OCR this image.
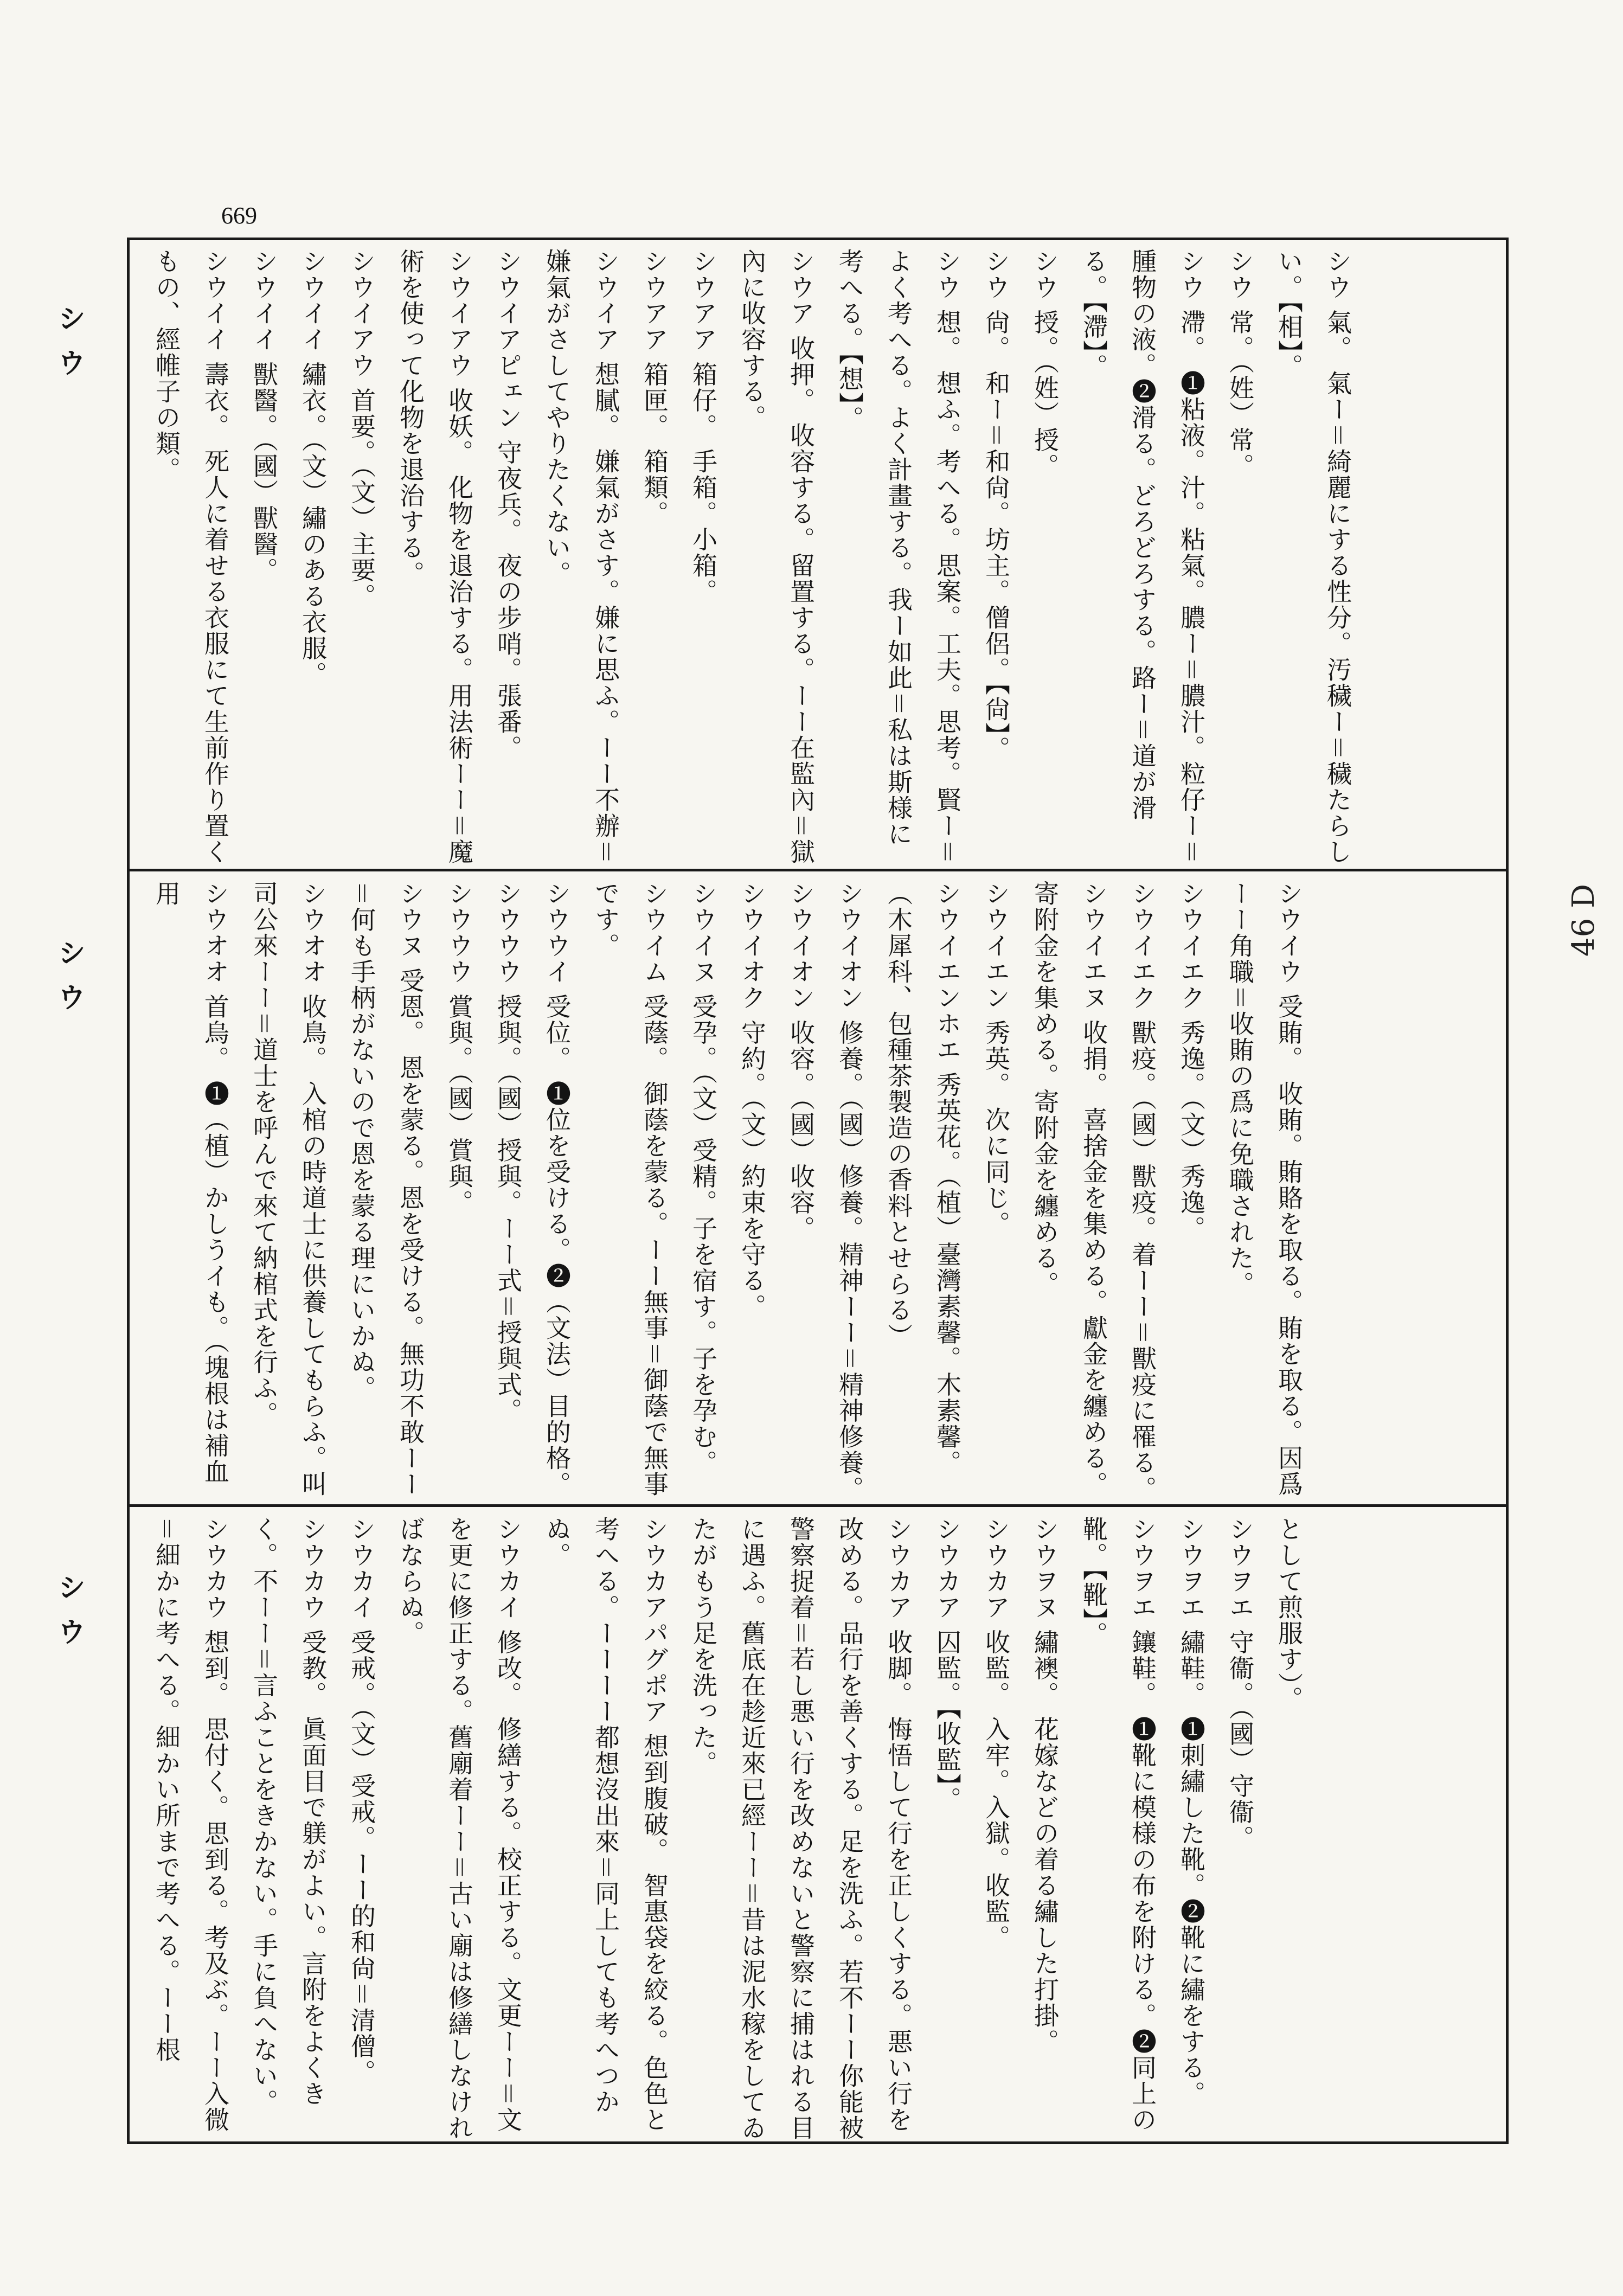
669
46 D
シウ
シウ
シウ

シウ 氣。 氣ー＝綺麗にする性分。汚穢ー＝穢たらしい。【相】。

シウ 常。（姓）常。

シウ 滯。 ❶粘液。汁。粘氣。膿ー＝膿汁。粒仔ー＝腫物の液。❷滑る。どろどろする。路ー＝道が滑る。【滯】。

シウ 授。（姓）授。

シウ 尙。 和ー＝和尙。坊主。僧侶。【尙】。

シウ 想。 想ふ。考へる。思案。工夫。思考。賢ー＝よく考へる。よく計畫する。我ー如此＝私は斯様に考へる。【想】。

シウア 收押。 收容する。留置する。ーー在監內＝獄內に收容する。

シウアア 箱仔。 手箱。小箱。

シウアア 箱匣。 箱類。

シウイア 想膩。 嫌氣がさす。嫌に思ふ。ーー不辦＝嫌氣がさしてやりたくない。

シウイアピェン 守夜兵。 夜の步哨。張番。

シウイアウ 收妖。 化物を退治する。用法術ーー＝魔術を使って化物を退治する。

シウイアウ 首要。（文）主要。

シウイイ 繡衣。（文）繡のある衣服。

シウイイ 獸醫。（國）獸醫。

シウイイ 壽衣。 死人に着せる衣服にて生前作り置くもの、經帷子の類。

シウイウ 受賄。 收賄。賄賂を取る。賄を取る。因爲ーー角職＝收賄の爲に免職された。

シウイエク 秀逸。（文）秀逸。

シウイエク 獸疫。（國）獸疫。着ーー＝獸疫に罹る。

シウイエヌ 收捐。 喜捨金を集める。獻金を纏める。寄附金を集める。寄附金を纏める。

シウイエン 秀英。 次に同じ。

シウイエンホエ 秀英花。（植）臺灣素馨。木素馨。（木犀科、包種茶製造の香料とせらる）

シウイオン 修養。（國）修養。精神ーー＝精神修養。

シウイオン 收容。（國）收容。

シウイオク 守約。（文）約束を守る。

シウイヌ 受孕。（文）受精。子を宿す。子を孕む。

シウイム 受蔭。 御蔭を蒙る。ーー無事＝御蔭で無事です。

シウウイ 受位。 ❶位を受ける。❷（文法）目的格。

シウウウ 授與。（國）授與。ーー式＝授與式。

シウウウ 賞與。（國）賞與。

シウヌ 受恩。 恩を蒙る。恩を受ける。無功不敢ーー＝何も手柄がないので恩を蒙る理にいかぬ。

シウオオ 收鳥。 入棺の時道士に供養してもらふ。叫司公來ーー＝道士を呼んで來て納棺式を行ふ。

シウオオ 首烏。 ❶（植）かしうイも。（塊根は補血用

として煎服す）。

シウヲエ 守衞。（國）守衞。

シウヲエ 繡鞋。 ❶刺繡した靴。❷靴に繡をする。

シウヲエ 鑲鞋。 ❶靴に模様の布を附ける。❷同上の靴。【靴】。

シウヲヌ 繡襖。 花嫁などの着る繡した打掛。

シウカア 收監。 入牢。入獄。收監。

シウカア 囚監。【收監】。

シウカア 收脚。 悔悟して行を正しくする。悪い行を改める。品行を善くする。足を洗ふ。若不ーー你能被警察捉着＝若し悪い行を改めないと警察に捕はれる目に遇ふ。舊底在趁近來已經ーー＝昔は泥水稼をしてゐたがもう足を洗った。

シウカアパグポア 想到腹破。 智惠袋を絞る。色色と考へる。ーーーー都想沒出來＝同上しても考へつかぬ。

シウカイ 修改。 修繕する。校正する。文更ーー＝文を更に修正する。舊廟着ーー＝古い廟は修繕しなければならぬ。

シウカイ 受戒。（文）受戒。ーー的和尙＝清僧。

シウカウ 受教。 眞面目で躾がよい。言附をよくきく。不ーー＝言ふことをきかない。手に負へない。

シウカウ 想到。 思付く。思到る。考及ぶ。ーー入微＝細かに考へる。細かい所まで考へる。ーー根
